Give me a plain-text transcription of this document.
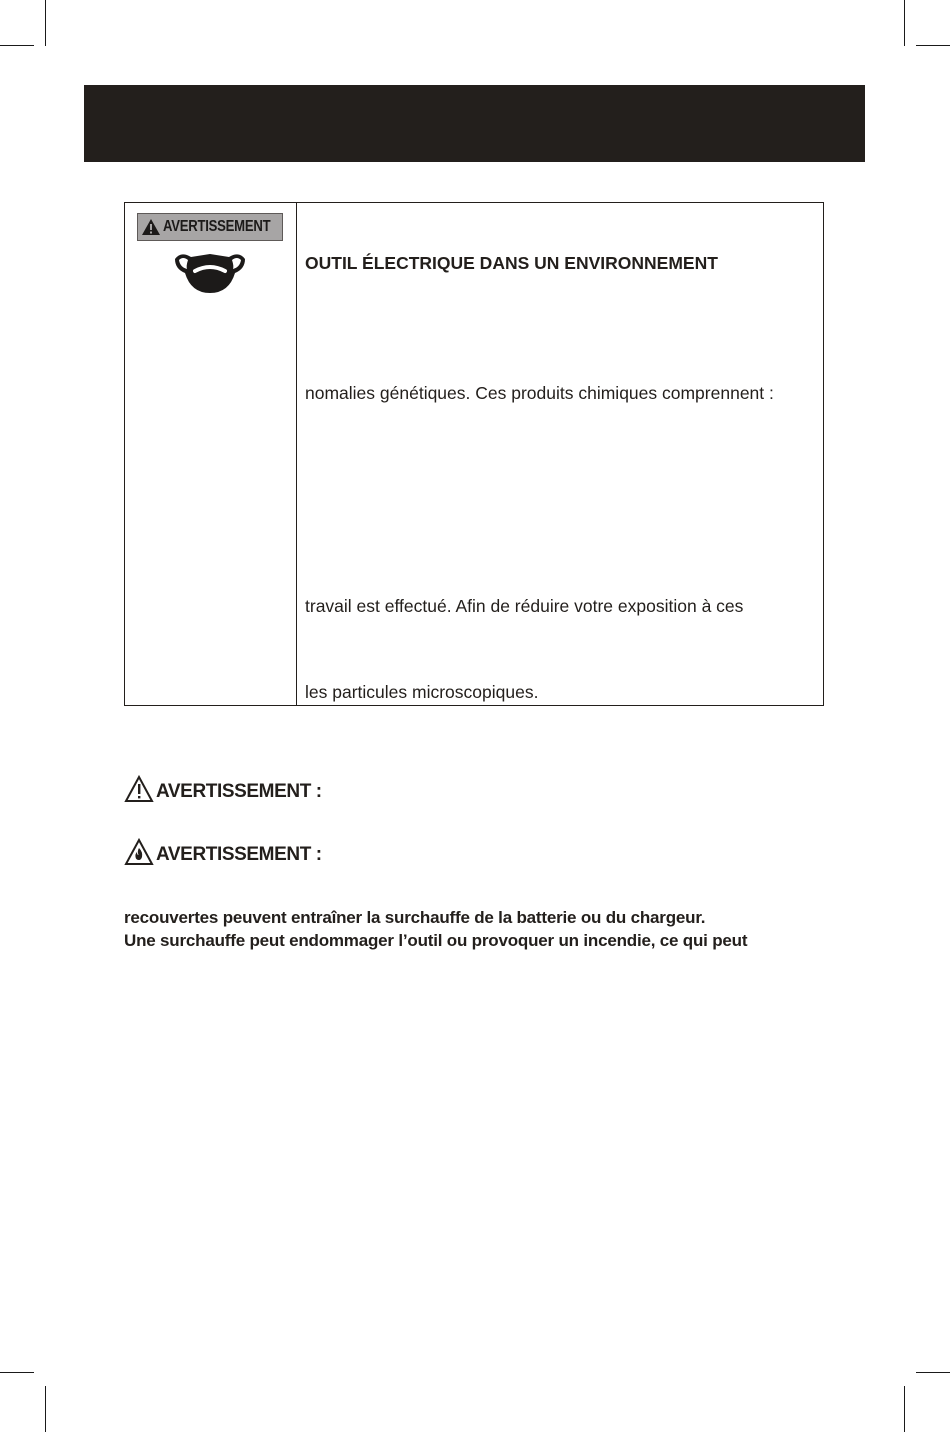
AVERTISSEMENT
OUTIL ÉLECTRIQUE DANS UN ENVIRONNEMENT
nomalies génétiques. Ces produits chimiques comprennent :
travail est effectué. Afin de réduire votre exposition à ces
les particules microscopiques.
AVERTISSEMENT :
AVERTISSEMENT :
recouvertes peuvent entraîner la surchauffe de la batterie ou du chargeur.
Une surchauffe peut endommager l’outil ou provoquer un incendie, ce qui peut
